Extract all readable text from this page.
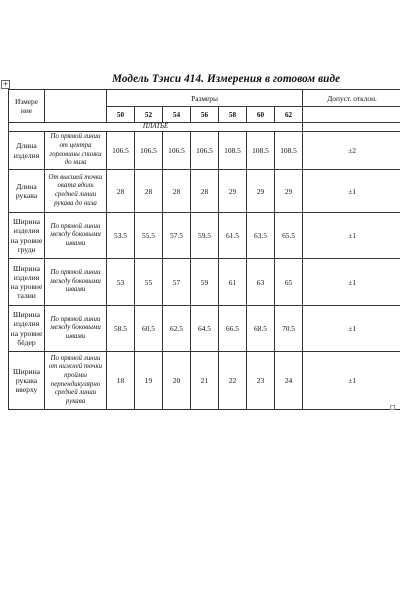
+	Модель Тэнси 414. Измерения в готовом виде
Измере ние		Размеры							Допуст. отклон.
		50	52	54	56	58	60	62	
ПЛАТЬЕ									
Длина изделия	По прямой линии от центра горловины спинки до низа	106.5	106.5	106.5	106.5	108.5	108.5	108.5	±2
Длина рукава	От высшей точки оката вдоль средней линии рукава до низа	28	28	28	28	29	29	29	±1
Ширина изделия на уровне груди	По прямой линии между боковыми швами	53.5	55.5	57.5	59.5	61.5	63.5	65.5	±1
Ширина изделия на уровне талии	По прямой линии между боковыми швами	53	55	57	59	61	63	65	±1
Ширина изделия на уровне бёдер	По прямой линии между боковыми швами	58.5	60.5	62.5	64.5	66.5	68.5	70.5	±1
Ширина рукава вверху	По прямой линии от нижней точки проймы перпендикулярно средней линии рукава	18	19	20	21	22	23	24	±1
